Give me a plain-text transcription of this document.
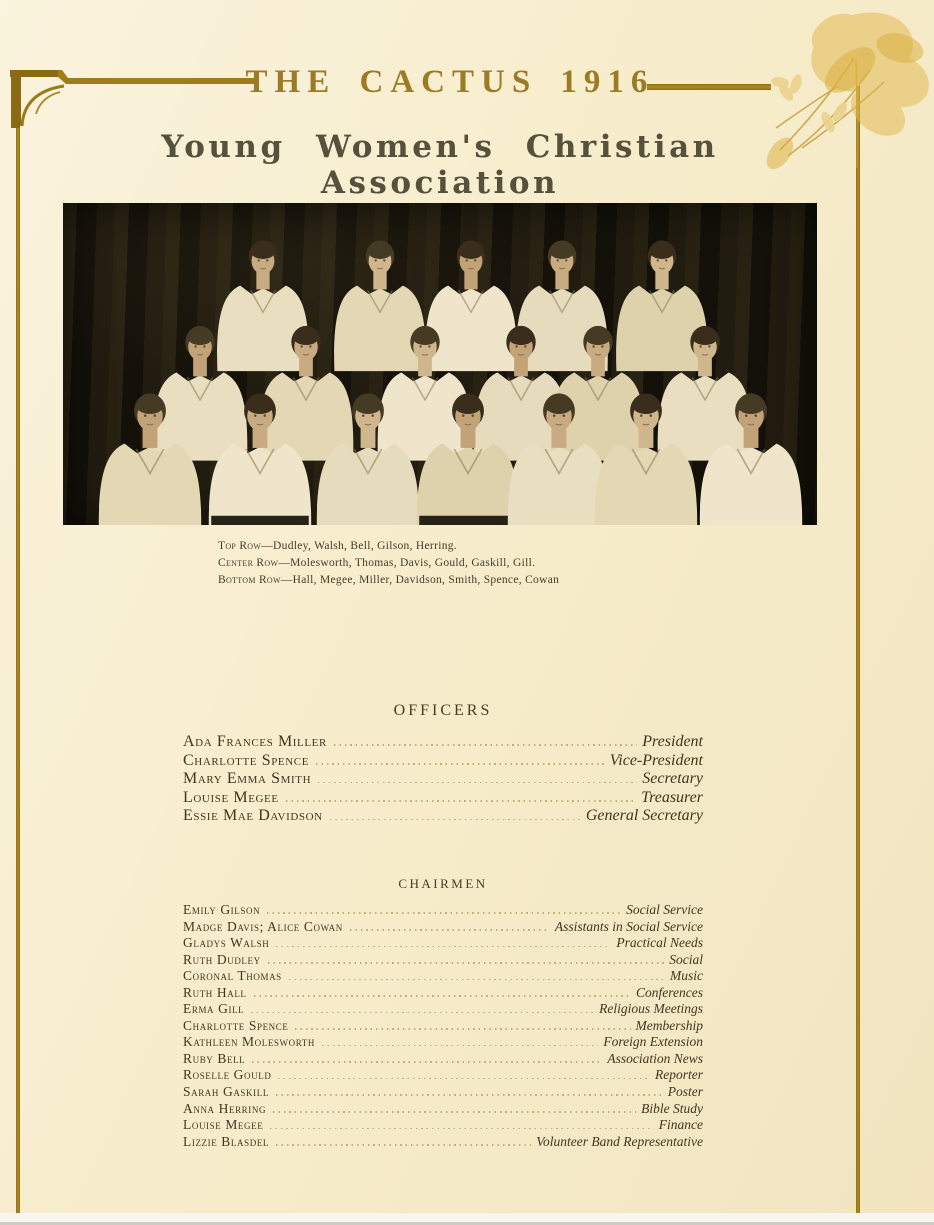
THE CACTUS 1916
Young Women's Christian Association
Top Row—Dudley, Walsh, Bell, Gilson, Herring.
Center Row—Molesworth, Thomas, Davis, Gould, Gaskill, Gill.
Bottom Row—Hall, Megee, Miller, Davidson, Smith, Spence, Cowan
OFFICERS
Ada Frances Miller	President
Charlotte Spence	Vice-President
Mary Emma Smith	Secretary
Louise Megee	Treasurer
Essie Mae Davidson	General Secretary
CHAIRMEN
Emily Gilson	Social Service
Madge Davis; Alice Cowan	Assistants in Social Service
Gladys Walsh	Practical Needs
Ruth Dudley	Social
Coronal Thomas	Music
Ruth Hall	Conferences
Erma Gill	Religious Meetings
Charlotte Spence	Membership
Kathleen Molesworth	Foreign Extension
Ruby Bell	Association News
Roselle Gould	Reporter
Sarah Gaskill	Poster
Anna Herring	Bible Study
Louise Megee	Finance
Lizzie Blasdel	Volunteer Band Representative
